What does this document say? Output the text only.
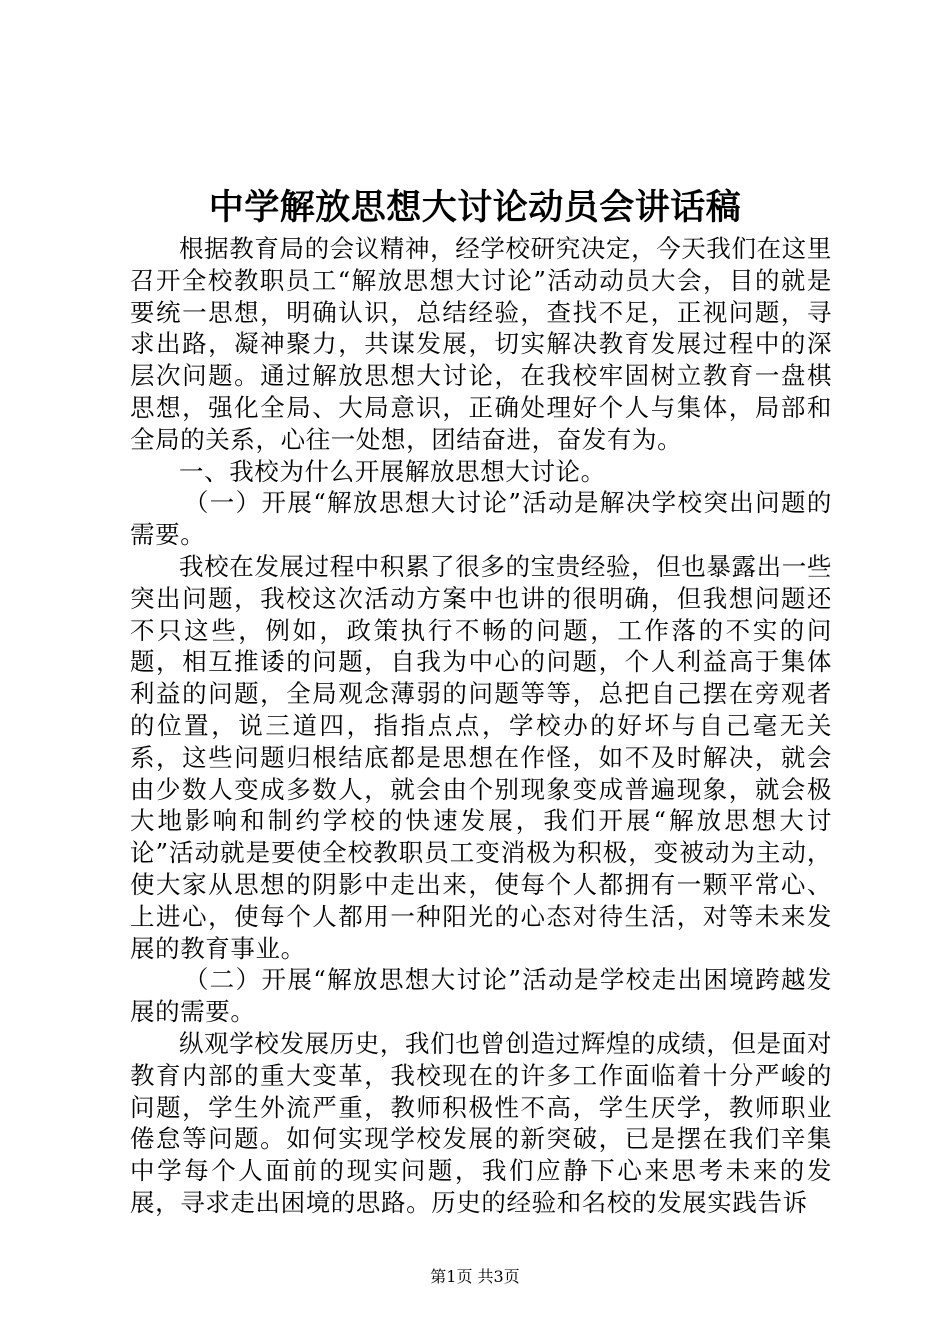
中学解放思想大讨论动员会讲话稿

根据教育局的会议精神，经学校研究决定，今天我们在这里召开全校教职员工“解放思想大讨论”活动动员大会，目的就是要统一思想，明确认识，总结经验，查找不足，正视问题，寻求出路，凝神聚力，共谋发展，切实解决教育发展过程中的深层次问题。通过解放思想大讨论，在我校牢固树立教育一盘棋思想，强化全局、大局意识，正确处理好个人与集体，局部和全局的关系，心往一处想，团结奋进，奋发有为。

一、我校为什么开展解放思想大讨论。

（一）开展“解放思想大讨论”活动是解决学校突出问题的需要。

我校在发展过程中积累了很多的宝贵经验，但也暴露出一些突出问题，我校这次活动方案中也讲的很明确，但我想问题还不只这些，例如，政策执行不畅的问题，工作落的不实的问题，相互推诿的问题，自我为中心的问题，个人利益高于集体利益的问题，全局观念薄弱的问题等等，总把自己摆在旁观者的位置，说三道四，指指点点，学校办的好坏与自己毫无关系，这些问题归根结底都是思想在作怪，如不及时解决，就会由少数人变成多数人，就会由个别现象变成普遍现象，就会极大地影响和制约学校的快速发展，我们开展“解放思想大讨论”活动就是要使全校教职员工变消极为积极，变被动为主动，使大家从思想的阴影中走出来，使每个人都拥有一颗平常心、上进心，使每个人都用一种阳光的心态对待生活，对等未来发展的教育事业。

（二）开展“解放思想大讨论”活动是学校走出困境跨越发展的需要。

纵观学校发展历史，我们也曾创造过辉煌的成绩，但是面对教育内部的重大变革，我校现在的许多工作面临着十分严峻的问题，学生外流严重，教师积极性不高，学生厌学，教师职业倦怠等问题。如何实现学校发展的新突破，已是摆在我们辛集中学每个人面前的现实问题，我们应静下心来思考未来的发展，寻求走出困境的思路。历史的经验和名校的发展实践告诉

第1页 共3页
